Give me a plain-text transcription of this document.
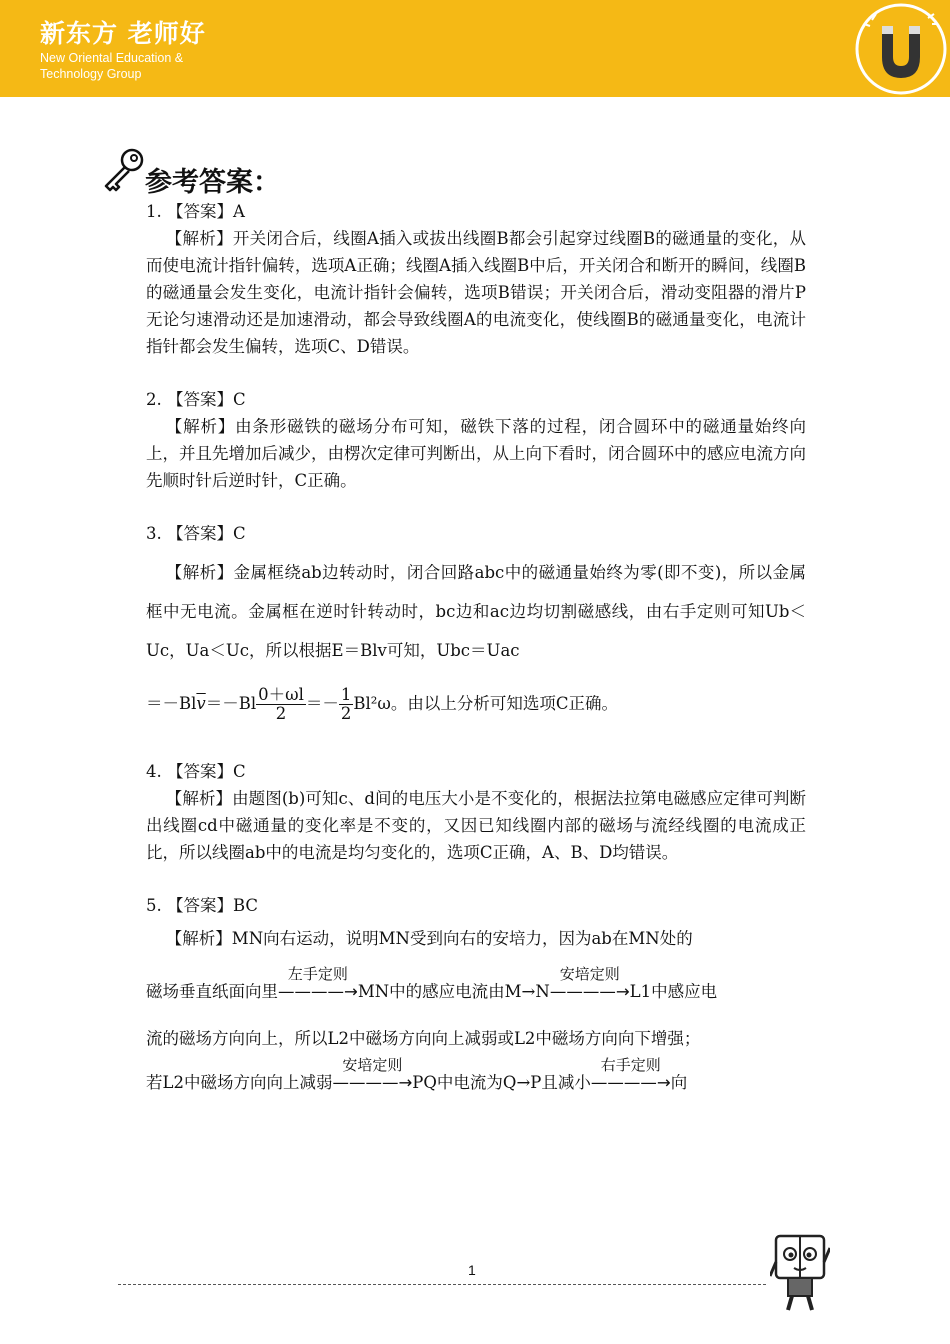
新东方 老师好
New Oriental Education &
Technology Group
参考答案：

1. 【答案】A

【解析】开关闭合后，线圈A插入或拔出线圈B都会引起穿过线圈B的磁通量的变化，从而使电流计指针偏转，选项A正确；线圈A插入线圈B中后，开关闭合和断开的瞬间，线圈B的磁通量会发生变化，电流计指针会偏转，选项B错误；开关闭合后，滑动变阻器的滑片P无论匀速滑动还是加速滑动，都会导致线圈A的电流变化，使线圈B的磁通量变化，电流计指针都会发生偏转，选项C、D错误。

2. 【答案】C

【解析】由条形磁铁的磁场分布可知，磁铁下落的过程，闭合圆环中的磁通量始终向上，并且先增加后减少，由楞次定律可判断出，从上向下看时，闭合圆环中的感应电流方向先顺时针后逆时针，C正确。

3. 【答案】C

【解析】金属框绕ab边转动时，闭合回路abc中的磁通量始终为零(即不变)，所以金属框中无电流。金属框在逆时针转动时，bc边和ac边均切割磁感线，由右手定则可知Ub＜Uc，Ua＜Uc，所以根据E＝Blv可知，Ubc＝Uac

$=-Bl\overline{v}=-Bl \frac{0+\omega l}{2} =- \frac{1}{2} Bl^2\omega$。由以上分析可知选项C正确。

4. 【答案】C

【解析】由题图(b)可知c、d间的电压大小是不变化的，根据法拉第电磁感应定律可判断出线圈cd中磁通量的变化率是不变的，又因已知线圈内部的磁场与流经线圈的电流成正比，所以线圈ab中的电流是均匀变化的，选项C正确，A、B、D均错误。

5. 【答案】BC

【解析】MN向右运动，说明MN受到向右的安培力，因为ab在MN处的

磁场垂直纸面向里
左手定则
————→ MN中的感应电流由M→N
安培定则
————→ L1中感应电

流的磁场方向向上，所以L2中磁场方向向上减弱或L2中磁场方向向下增强；

若L2中磁场方向向上减弱
安培定则
————→ PQ中电流为Q→P且减小
右手定则
————→ 向

1
